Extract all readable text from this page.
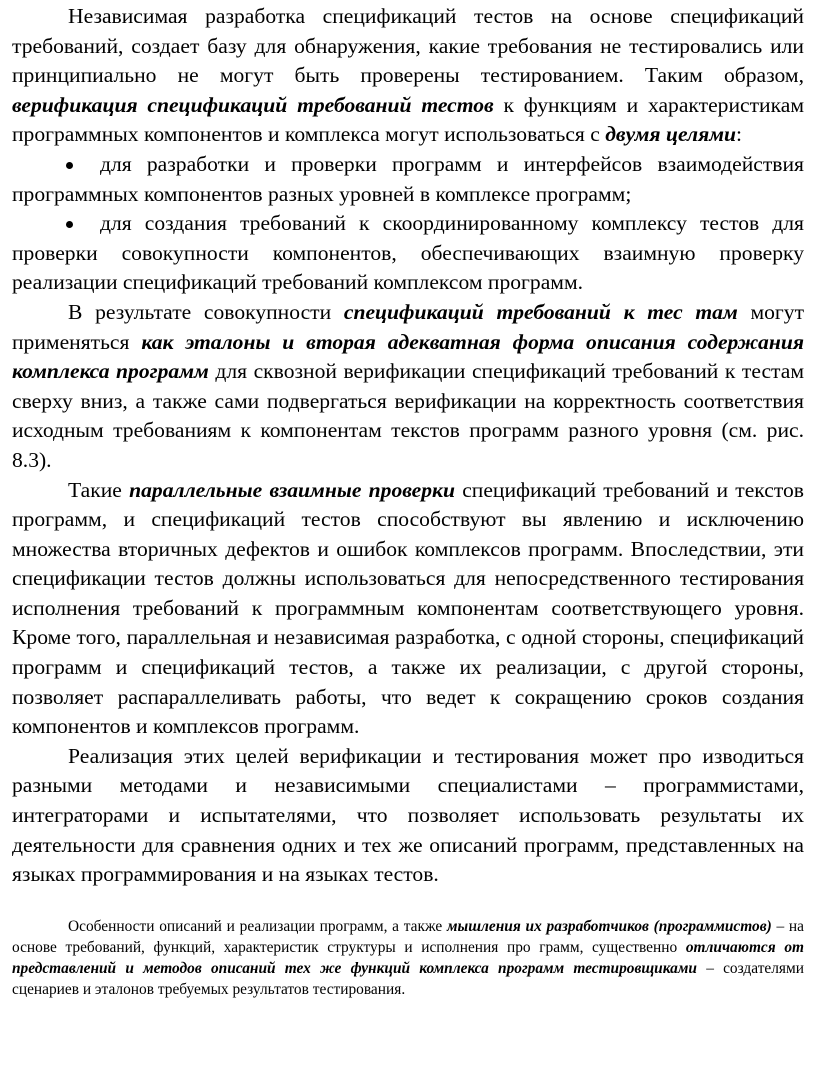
Независимая разработка спецификаций тестов на основе спецификаций требований, создает базу для обнаружения, какие требования не тестировались или принципиально не могут быть проверены тестированием. Таким образом, верификация спецификаций требований тестов к функциям и характеристикам программных компонентов и комплекса могут использоваться с двумя целями:

для разработки и проверки программ и интерфейсов взаимодействия программных компонентов разных уровней в комплексе программ;

для создания требований к скоординированному комплексу тестов для проверки совокупности компонентов, обеспечивающих взаимную проверку реализации спецификаций требований комплексом программ.

В результате совокупности спецификаций требований к тес там могут применяться как эталоны и вторая адекватная форма описания содержания комплекса программ для сквозной верификации спецификаций требований к тестам сверху вниз, а также сами подвергаться верификации на корректность соответствия исходным требованиям к компонентам текстов программ разного уровня (см. рис. 8.3).

Такие параллельные взаимные проверки спецификаций требований и текстов программ, и спецификаций тестов способствуют вы явлению и исключению множества вторичных дефектов и ошибок комплексов программ. Впоследствии, эти спецификации тестов должны использоваться для непосредственного тестирования исполнения требований к программным компонентам соответствующего уровня. Кроме того, параллельная и независимая разработка, с одной стороны, спецификаций программ и спецификаций тестов, а также их реализации, с другой стороны, позволяет распараллеливать работы, что ведет к сокращению сроков создания компонентов и комплексов программ.

Реализация этих целей верификации и тестирования может про изводиться разными методами и независимыми специалистами – программистами, интеграторами и испытателями, что позволяет использовать результаты их деятельности для сравнения одних и тех же описаний программ, представленных на языках программирования и на языках тестов.

Особенности описаний и реализации программ, а также мышления их разработчиков (программистов) – на основе требований, функций, характеристик структуры и исполнения про грамм, существенно отличаются от представлений и методов описаний тех же функций комплекса программ тестировщиками – создателями сценариев и эталонов требуемых результатов тестирования.
